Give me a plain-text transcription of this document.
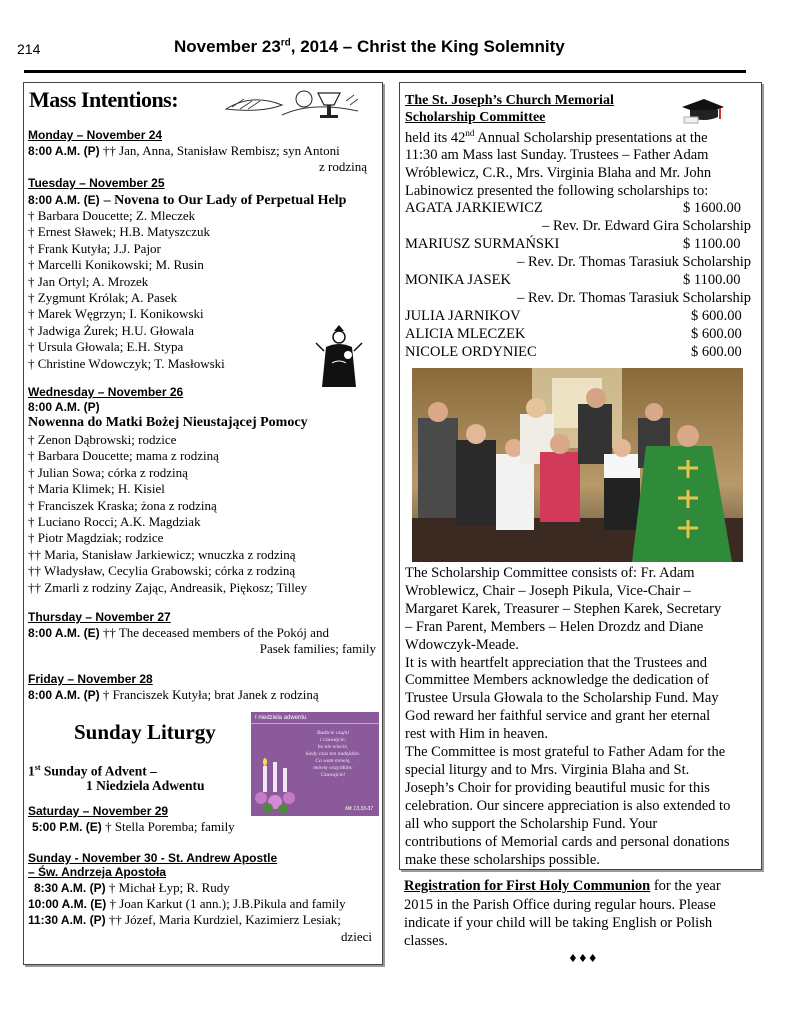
214	November 23rd, 2014 – Christ the King Solemnity
Mass Intentions:
Monday – November 24
8:00 A.M. (P) †† Jan, Anna, Stanisław Rembisz; syn Antoni
z rodziną
Tuesday – November 25
8:00 A.M. (E) – Novena to Our Lady of Perpetual Help
† Barbara Doucette; Z. Mleczek
† Ernest Sławek; H.B. Matyszczuk
† Frank Kutyła; J.J. Pajor
† Marcelli Konikowski; M. Rusin
† Jan Ortyl; A. Mrozek
† Zygmunt Królak; A. Pasek
† Marek Węgrzyn; I. Konikowski
† Jadwiga Żurek; H.U. Głowala
† Ursula Głowala; E.H. Stypa
† Christine Wdowczyk; T. Masłowski
Wednesday – November 26
8:00 A.M. (P)
Nowenna do Matki Bożej Nieustającej Pomocy
† Zenon Dąbrowski; rodzice
† Barbara Doucette; mama z rodziną
† Julian Sowa; córka z rodziną
† Maria Klimek; H. Kisiel
† Franciszek Kraska; żona z rodziną
† Luciano Rocci; A.K. Magdziak
† Piotr Magdziak; rodzice
†† Maria, Stanisław Jarkiewicz; wnuczka z rodziną
†† Władysław, Cecylia Grabowski; córka z rodziną
†† Zmarli z rodziny Zając, Andreasik, Piękosz; Tilley
Thursday – November 27
8:00 A.M. (E) †† The deceased members of the Pokój and
Pasek families; family
Friday – November 28
8:00 A.M. (P) † Franciszek Kutyła; brat Janek z rodziną
Sunday Liturgy
1st Sunday of Advent –
1 Niedziela Adwentu
I niedziela adwentu
Budźcie czujni
i czuwajcie,
bo nie wiecie,
kiedy czas ten nadejdzie.
Co wam mówię,
mówię wszystkim:
Czuwajcie!
Mk 13,33-37
Saturday – November 29
5:00 P.M. (E) † Stella Poremba; family
Sunday - November 30 - St. Andrew Apostle
– Św. Andrzeja Apostoła
8:30 A.M. (P) † Michał Łyp; R. Rudy
10:00 A.M. (E) † Joan Karkut (1 ann.); J.B.Pikula and family
11:30 A.M. (P) †† Józef, Maria Kurdziel, Kazimierz Lesiak;
dzieci
The St. Joseph’s Church Memorial
Scholarship Committee
held its 42nd Annual Scholarship presentations at the
11:30 am Mass last Sunday. Trustees – Father Adam
Wróblewicz, C.R., Mrs. Virginia Blaha and Mr. John
Labinowicz presented the following scholarships to:
AGATA JARKIEWICZ	$ 1600.00
– Rev. Dr. Edward Gira Scholarship
MARIUSZ SURMAŃSKI	$ 1100.00
– Rev. Dr. Thomas Tarasiuk Scholarship
MONIKA JASEK	$ 1100.00
– Rev. Dr. Thomas Tarasiuk Scholarship
JULIA JARNIKOV	$ 600.00
ALICIA MLECZEK	$ 600.00
NICOLE ORDYNIEC	$ 600.00
The Scholarship Committee consists of: Fr. Adam
Wroblewicz, Chair – Joseph Pikula, Vice-Chair –
Margaret Karek, Treasurer – Stephen Karek, Secretary
– Fran Parent, Members – Helen Drozdz and Diane
Wdowczyk-Meade.
It is with heartfelt appreciation that the Trustees and
Committee Members acknowledge the dedication of
Trustee Ursula Głowala to the Scholarship Fund. May
God reward her faithful service and grant her eternal
rest with Him in heaven.
The Committee is most grateful to Father Adam for the
special liturgy and to Mrs. Virginia Blaha and St.
Joseph’s Choir for providing beautiful music for this
celebration. Our sincere appreciation is also extended to
all who support the Scholarship Fund. Your
contributions of Memorial cards and personal donations
make these scholarships possible.
Registration for First Holy Communion for the year
2015 in the Parish Office during regular hours. Please
indicate if your child will be taking English or Polish
classes.
♦♦♦
